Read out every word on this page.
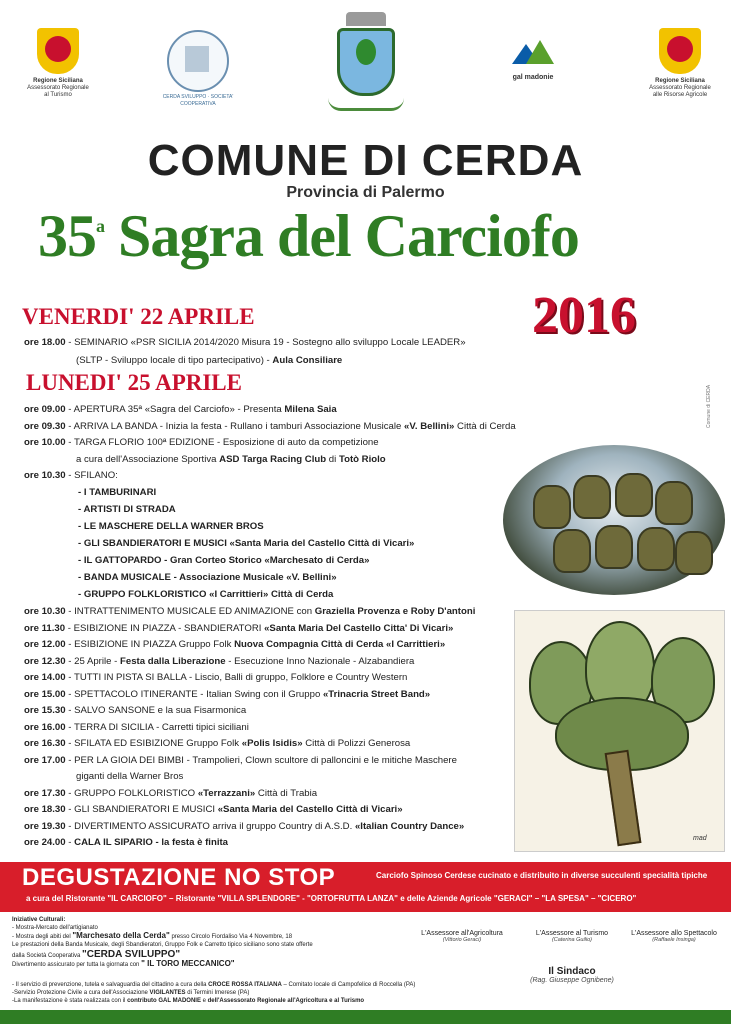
Regione Siciliana
Assessorato Regionale al Turismo	CERDA SVILUPPO · SOCIETA' COOPERATIVA
gal madonie	Regione Siciliana
Assessorato Regionale alle Risorse Agricole
COMUNE DI CERDA
Provincia di Palermo
35$^a$ Sagra del Carciofo
2016
Comune di CERDA
VENERDI' 22 APRILE
ore 18.00 - SEMINARIO «PSR SICILIA 2014/2020 Misura 19 - Sostegno allo sviluppo Locale LEADER»
(SLTP - Sviluppo locale di tipo partecipativo) - Aula Consiliare
LUNEDI' 25 APRILE
ore 09.00 - APERTURA 35ª «Sagra del Carciofo» - Presenta Milena Saia
ore 09.30 - ARRIVA LA BANDA - Inizia la festa - Rullano i tamburi Associazione Musicale «V. Bellini» Città di Cerda
ore 10.00 - TARGA FLORIO 100ª EDIZIONE - Esposizione di auto da competizione
a cura dell'Associazione Sportiva ASD Targa Racing Club di Totò Riolo
ore 10.30 - SFILANO:
- I TAMBURINARI
- ARTISTI DI STRADA
- LE MASCHERE DELLA WARNER BROS
- GLI SBANDIERATORI E MUSICI «Santa Maria del Castello Città di Vicari»
- IL GATTOPARDO - Gran Corteo Storico «Marchesato di Cerda»
- BANDA MUSICALE - Associazione Musicale «V. Bellini»
- GRUPPO FOLKLORISTICO «I Carrittieri» Città di Cerda
ore 10.30 - INTRATTENIMENTO MUSICALE ED ANIMAZIONE con Graziella Provenza e Roby D'antoni
ore 11.30 - ESIBIZIONE IN PIAZZA - SBANDIERATORI «Santa Maria Del Castello Citta' Di Vicari»
ore 12.00 - ESIBIZIONE IN PIAZZA Gruppo Folk Nuova Compagnia Città di Cerda «I Carrittieri»
ore 12.30 - 25 Aprile - Festa dalla Liberazione - Esecuzione Inno Nazionale - Alzabandiera
ore 14.00 - TUTTI IN PISTA SI BALLA - Liscio, Balli di gruppo, Folklore e Country Western
ore 15.00 - SPETTACOLO ITINERANTE - Italian Swing con il Gruppo «Trinacria Street Band»
ore 15.30 - SALVO SANSONE e la sua Fisarmonica
ore 16.00 - TERRA DI SICILIA - Carretti tipici siciliani
ore 16.30 - SFILATA ED ESIBIZIONE Gruppo Folk «Polis Isidis» Città di Polizzi Generosa
ore 17.00 - PER LA GIOIA DEI BIMBI - Trampolieri, Clown scultore di palloncini e le mitiche Maschere
giganti della Warner Bros
ore 17.30 - GRUPPO FOLKLORISTICO «Terrazzani» Città di Trabia
ore 18.30 - GLI SBANDIERATORI E MUSICI «Santa Maria del Castello Città di Vicari»
ore 19.30 - DIVERTIMENTO ASSICURATO arriva il gruppo Country di A.S.D. «Italian Country Dance»
ore 24.00 - CALA IL SIPARIO - la festa è finita	mad
DEGUSTAZIONE NO STOP	Carciofo Spinoso Cerdese cucinato e distribuito in diverse succulenti specialità tipiche
a cura del Ristorante "IL CARCIOFO" – Ristorante "VILLA SPLENDORE" - "ORTOFRUTTA LANZA" e delle Aziende Agricole "GERACI" – "LA SPESA" – "CICERO"
Iniziative Culturali:
- Mostra-Mercato dell'artigianato
- Mostra degli abiti del "Marchesato della Cerda" presso Circolo Fiordaliso Via 4 Novembre, 18
Le prestazioni della Banda Musicale, degli Sbandieratori, Gruppo Folk e Carretto tipico siciliano sono state offerte
dalla Società Cooperativa "CERDA SVILUPPO"
Divertimento assicurato per tutta la giornata con " IL TORO MECCANICO"
- Il servizio di prevenzione, tutela e salvaguardia del cittadino a cura della CROCE ROSSA ITALIANA – Comitato locale di Campofelice di Roccella (PA)
-Servizio Protezione Civile a cura dell'Associazione VIGILANTES di Termini Imerese (PA)
-La manifestazione è stata realizzata con il contributo GAL MADONIE e dell'Assessorato Regionale all'Agricoltura e al Turismo
L'Assessore all'Agricoltura
(Vittorio Geraci)
L'Assessore al Turismo
(Caterina Guilio)
L'Assessore allo Spettacolo
(Raffaele Insinga)
Il Sindaco
(Rag. Giuseppe Ognibene)
